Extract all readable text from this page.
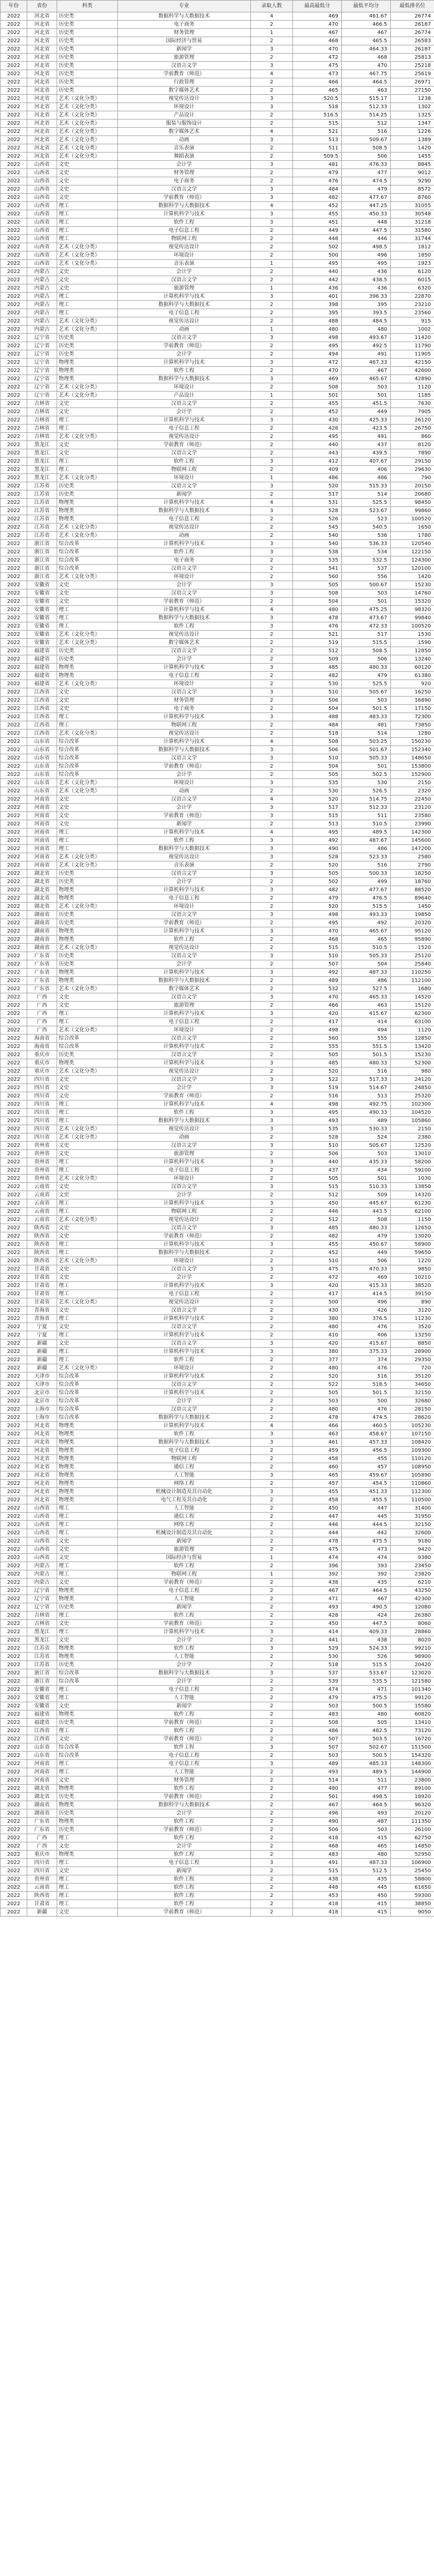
年份	省份	科类	专业	录取人数	最高最低分	最低平均分	最低排名位
2022	河北省	历史类	数据科学与大数据技术	4	469	461.67	26774
2022	河北省	历史类	电子商务	2	470	466.5	26187
2022	河北省	历史类	财务管理	1	467	467	26774
2022	河北省	历史类	国际经济与贸易	2	468	465.5	26583
2022	河北省	历史类	新闻学	3	470	464.33	26187
2022	河北省	历史类	旅游管理	2	472	468	25813
2022	河北省	历史类	汉语言文学	3	475	470	25218
2022	河北省	历史类	学前教育（师范）	4	473	467.75	25619
2022	河北省	历史类	行政管理	2	466	464.5	26971
2022	河北省	历史类	数字媒体艺术	2	465	463	27150
2022	河北省	艺术（文化分类）	视觉传达设计	3	520.5	515.17	1238
2022	河北省	艺术（文化分类）	环境设计	3	518	512.33	1302
2022	河北省	艺术（文化分类）	产品设计	2	516.5	514.25	1325
2022	河北省	艺术（文化分类）	服装与服饰设计	2	515	512	1347
2022	河北省	艺术（文化分类）	数字媒体艺术	4	521	516	1226
2022	河北省	艺术（文化分类）	动画	3	513	509.67	1389
2022	河北省	艺术（文化分类）	音乐表演	2	511	508.5	1420
2022	河北省	艺术（文化分类）	舞蹈表演	2	509.5	506	1455
2022	山西省	文史	会计学	3	481	476.33	8845
2022	山西省	文史	财务管理	2	479	477	9012
2022	山西省	文史	电子商务	2	476	474.5	9290
2022	山西省	文史	汉语言文学	3	484	479	8572
2022	山西省	文史	学前教育（师范）	3	482	477.67	8760
2022	山西省	理工	数据科学与大数据技术	4	452	447.25	31055
2022	山西省	理工	计算机科学与技术	3	455	450.33	30548
2022	山西省	理工	软件工程	3	451	448	31218
2022	山西省	理工	电子信息工程	2	449	447.5	31580
2022	山西省	理工	物联网工程	2	448	446	31744
2022	山西省	艺术（文化分类）	视觉传达设计	2	502	498.5	1812
2022	山西省	艺术（文化分类）	环境设计	2	500	496	1850
2022	山西省	艺术（文化分类）	音乐表演	1	495	495	1923
2022	内蒙古	文史	会计学	2	440	436	6120
2022	内蒙古	文史	汉语言文学	2	442	438.5	6015
2022	内蒙古	文史	旅游管理	1	436	436	6320
2022	内蒙古	理工	计算机科学与技术	3	401	396.33	22870
2022	内蒙古	理工	数据科学与大数据技术	2	398	395	23210
2022	内蒙古	理工	电子信息工程	2	395	393.5	23560
2022	内蒙古	艺术（文化分类）	视觉传达设计	2	488	484.5	915
2022	内蒙古	艺术（文化分类）	动画	1	480	480	1002
2022	辽宁省	历史类	汉语言文学	3	498	493.67	11420
2022	辽宁省	历史类	学前教育（师范）	2	495	492.5	11790
2022	辽宁省	历史类	会计学	2	494	491	11905
2022	辽宁省	物理类	计算机科学与技术	3	472	467.33	42150
2022	辽宁省	物理类	软件工程	2	470	467	42600
2022	辽宁省	物理类	数据科学与大数据技术	3	469	465.67	42890
2022	辽宁省	艺术（文化分类）	环境设计	2	508	503	1120
2022	辽宁省	艺术（文化分类）	产品设计	1	501	501	1185
2022	吉林省	文史	汉语言文学	2	455	451.5	7630
2022	吉林省	文史	会计学	2	452	449	7905
2022	吉林省	理工	计算机科学与技术	3	430	425.33	26120
2022	吉林省	理工	电子信息工程	2	426	423.5	26750
2022	吉林省	艺术（文化分类）	视觉传达设计	2	495	491	860
2022	黑龙江	文史	学前教育（师范）	2	440	437	8120
2022	黑龙江	文史	汉语言文学	2	443	439.5	7890
2022	黑龙江	理工	软件工程	3	412	407.67	29150
2022	黑龙江	理工	物联网工程	2	409	406	29630
2022	黑龙江	艺术（文化分类）	环境设计	1	486	486	790
2022	江苏省	历史类	汉语言文学	3	520	515.33	20150
2022	江苏省	历史类	新闻学	2	517	514	20680
2022	江苏省	物理类	计算机科学与技术	4	531	525.5	98450
2022	江苏省	物理类	数据科学与大数据技术	3	528	523.67	99860
2022	江苏省	物理类	电子信息工程	2	526	523	100520
2022	江苏省	艺术（文化分类）	视觉传达设计	2	545	540.5	1650
2022	江苏省	艺术（文化分类）	动画	2	540	536	1780
2022	浙江省	综合改革	计算机科学与技术	3	540	536.33	120540
2022	浙江省	综合改革	软件工程	3	538	534	122150
2022	浙江省	综合改革	电子商务	2	535	532.5	124300
2022	浙江省	综合改革	汉语言文学	2	541	537	120100
2022	浙江省	艺术（文化分类）	环境设计	2	560	556	1420
2022	安徽省	文史	会计学	3	505	500.67	15230
2022	安徽省	文史	汉语言文学	3	508	503	14760
2022	安徽省	文史	学前教育（师范）	2	504	501	15320
2022	安徽省	理工	计算机科学与技术	4	480	475.25	98320
2022	安徽省	理工	数据科学与大数据技术	3	478	473.67	99840
2022	安徽省	理工	软件工程	3	476	472.33	100520
2022	安徽省	艺术（文化分类）	视觉传达设计	2	521	517	1530
2022	安徽省	艺术（文化分类）	数字媒体艺术	2	519	515.5	1590
2022	福建省	历史类	汉语言文学	2	512	508.5	12850
2022	福建省	历史类	会计学	2	509	506	13240
2022	福建省	物理类	计算机科学与技术	3	485	480.33	60120
2022	福建省	物理类	电子信息工程	2	482	479	61380
2022	福建省	艺术（文化分类）	环境设计	2	530	525.5	920
2022	江西省	文史	汉语言文学	3	510	505.67	16250
2022	江西省	文史	财务管理	2	506	503	16890
2022	江西省	文史	电子商务	2	504	501.5	17150
2022	江西省	理工	计算机科学与技术	3	488	483.33	72300
2022	江西省	理工	物联网工程	2	484	481	73850
2022	江西省	艺术（文化分类）	视觉传达设计	2	518	514	1280
2022	山东省	综合改革	计算机科学与技术	4	508	503.25	150230
2022	山东省	综合改革	数据科学与大数据技术	3	506	501.67	152340
2022	山东省	综合改革	汉语言文学	3	510	505.33	148650
2022	山东省	综合改革	学前教育（师范）	2	504	501	153800
2022	山东省	综合改革	会计学	2	505	502.5	152900
2022	山东省	艺术（文化分类）	环境设计	3	535	530	2150
2022	山东省	艺术（文化分类）	动画	2	530	526.5	2320
2022	河南省	文史	汉语言文学	4	520	514.75	22450
2022	河南省	文史	会计学	3	517	512.33	23120
2022	河南省	文史	学前教育（师范）	3	515	511	23580
2022	河南省	文史	新闻学	2	513	510.5	23990
2022	河南省	理工	计算机科学与技术	4	495	489.5	142300
2022	河南省	理工	软件工程	3	492	487.67	145600
2022	河南省	理工	数据科学与大数据技术	3	490	486	147200
2022	河南省	艺术（文化分类）	视觉传达设计	3	528	523.33	2580
2022	河南省	艺术（文化分类）	音乐表演	2	520	516	2790
2022	湖北省	历史类	汉语言文学	3	505	500.33	18250
2022	湖北省	历史类	会计学	2	502	499	18760
2022	湖北省	物理类	计算机科学与技术	3	482	477.67	88520
2022	湖北省	物理类	电子信息工程	2	479	476.5	89640
2022	湖北省	艺术（文化分类）	环境设计	2	520	515.5	1450
2022	湖南省	历史类	汉语言文学	3	498	493.33	19850
2022	湖南省	历史类	学前教育（师范）	2	495	492	20320
2022	湖南省	物理类	计算机科学与技术	3	470	465.67	95120
2022	湖南省	物理类	软件工程	2	468	465	95890
2022	湖南省	艺术（文化分类）	视觉传达设计	2	515	510.5	1520
2022	广东省	历史类	汉语言文学	3	510	505.33	25120
2022	广东省	历史类	会计学	2	507	504	25840
2022	广东省	物理类	计算机科学与技术	3	492	487.33	110250
2022	广东省	物理类	数据科学与大数据技术	2	489	486	112100
2022	广东省	艺术（文化分类）	数字媒体艺术	2	532	527.5	1680
2022	广西	文史	汉语言文学	3	470	465.33	14520
2022	广西	文史	旅游管理	2	466	463	15120
2022	广西	理工	计算机科学与技术	3	420	415.67	62300
2022	广西	理工	电子信息工程	2	417	414	63100
2022	广西	艺术（文化分类）	环境设计	2	498	494	1120
2022	海南省	综合改革	汉语言文学	2	560	555	12850
2022	海南省	综合改革	计算机科学与技术	2	555	551.5	13420
2022	重庆市	历史类	汉语言文学	2	505	501.5	15230
2022	重庆市	物理类	计算机科学与技术	3	485	480.33	52300
2022	重庆市	艺术（文化分类）	视觉传达设计	2	520	516	980
2022	四川省	文史	汉语言文学	3	522	517.33	24120
2022	四川省	文史	会计学	3	519	514.67	24850
2022	四川省	文史	学前教育（师范）	2	516	513	25320
2022	四川省	理工	计算机科学与技术	4	498	492.75	102300
2022	四川省	理工	软件工程	3	495	490.33	104520
2022	四川省	理工	数据科学与大数据技术	3	493	489	105860
2022	四川省	艺术（文化分类）	视觉传达设计	3	535	530.33	2150
2022	四川省	艺术（文化分类）	动画	2	528	524	2380
2022	贵州省	文史	汉语言文学	3	510	505.67	12520
2022	贵州省	文史	旅游管理	2	506	503	13010
2022	贵州省	理工	计算机科学与技术	3	440	435.33	58200
2022	贵州省	理工	电子信息工程	2	437	434	59100
2022	贵州省	艺术（文化分类）	环境设计	2	505	501	1030
2022	云南省	文史	汉语言文学	3	515	510.33	13850
2022	云南省	文史	会计学	2	512	509	14320
2022	云南省	理工	计算机科学与技术	3	450	445.67	61230
2022	云南省	理工	物联网工程	2	446	443.5	62100
2022	云南省	艺术（文化分类）	视觉传达设计	2	512	508	1150
2022	陕西省	文史	汉语言文学	3	485	480.33	12650
2022	陕西省	文史	学前教育（师范）	2	482	479	13020
2022	陕西省	理工	计算机科学与技术	3	455	450.67	58900
2022	陕西省	理工	数据科学与大数据技术	2	452	449	59650
2022	陕西省	艺术（文化分类）	环境设计	2	510	506	1220
2022	甘肃省	文史	汉语言文学	3	475	470.33	9850
2022	甘肃省	文史	会计学	2	472	469	10210
2022	甘肃省	理工	计算机科学与技术	3	420	415.33	38520
2022	甘肃省	理工	电子信息工程	2	417	414.5	39150
2022	甘肃省	艺术（文化分类）	视觉传达设计	2	500	496	890
2022	青海省	文史	汉语言文学	2	430	426	3120
2022	青海省	理工	计算机科学与技术	2	380	376.5	11230
2022	宁夏	文史	汉语言文学	2	480	476	3520
2022	宁夏	理工	计算机科学与技术	2	410	406	13250
2022	新疆	文史	汉语言文学	3	420	415.67	8850
2022	新疆	理工	计算机科学与技术	3	380	375.33	28900
2022	新疆	理工	软件工程	2	377	374	29350
2022	新疆	艺术（文化分类）	环境设计	2	480	476	720
2022	天津市	综合改革	计算机科学与技术	2	520	516	35120
2022	天津市	综合改革	汉语言文学	2	522	518.5	34650
2022	北京市	综合改革	计算机科学与技术	2	505	501.5	32150
2022	北京市	综合改革	会计学	2	503	500	32680
2022	上海市	综合改革	汉语言文学	2	480	476	28150
2022	上海市	综合改革	数据科学与大数据技术	2	478	474.5	28620
2022	河北省	物理类	计算机科学与技术	4	466	460.5	105230
2022	河北省	物理类	软件工程	3	463	458.67	107150
2022	河北省	物理类	数据科学与大数据技术	3	461	457.33	108420
2022	河北省	物理类	电子信息工程	2	459	456.5	109300
2022	河北省	物理类	物联网工程	2	458	455	110120
2022	河北省	物理类	通信工程	2	460	457	108950
2022	河北省	物理类	人工智能	3	465	459.67	105890
2022	河北省	物理类	网络工程	2	457	454.5	110860
2022	河北省	物理类	机械设计制造及其自动化	3	455	451.33	112300
2022	河北省	物理类	电气工程及其自动化	2	458	455.5	110500
2022	山西省	理工	人工智能	2	450	447	31400
2022	山西省	理工	通信工程	2	447	445	31950
2022	山西省	理工	网络工程	2	446	444.5	32150
2022	山西省	理工	机械设计制造及其自动化	2	444	442	32600
2022	山西省	文史	新闻学	2	478	475.5	9180
2022	山西省	文史	旅游管理	2	475	473	9420
2022	山西省	文史	国际经济与贸易	1	474	474	9380
2022	内蒙古	理工	软件工程	2	396	393	23450
2022	内蒙古	理工	物联网工程	1	392	392	23820
2022	内蒙古	文史	学前教育（师范）	2	438	435	6210
2022	辽宁省	物理类	电子信息工程	2	467	464.5	43250
2022	辽宁省	物理类	人工智能	2	471	467	42300
2022	辽宁省	历史类	新闻学	2	493	490.5	12080
2022	吉林省	理工	软件工程	2	428	424	26380
2022	吉林省	文史	学前教育（师范）	2	450	447.5	8060
2022	黑龙江	理工	计算机科学与技术	3	414	409.33	28860
2022	黑龙江	文史	会计学	2	441	438	8020
2022	江苏省	物理类	软件工程	3	529	524.33	99210
2022	江苏省	物理类	人工智能	2	530	526	98900
2022	江苏省	历史类	会计学	2	518	515.5	20420
2022	浙江省	综合改革	数据科学与大数据技术	3	537	533.67	123020
2022	浙江省	综合改革	会计学	2	539	535.5	121580
2022	安徽省	理工	电子信息工程	2	474	471	101340
2022	安徽省	理工	人工智能	2	479	475.5	99120
2022	安徽省	文史	新闻学	2	503	500.5	15580
2022	福建省	物理类	软件工程	2	483	480	60820
2022	福建省	历史类	学前教育（师范）	2	508	505	13410
2022	江西省	理工	软件工程	2	486	482.5	73120
2022	江西省	文史	学前教育（师范）	2	507	503.5	16720
2022	山东省	综合改革	软件工程	3	507	502.67	151500
2022	山东省	综合改革	电子信息工程	2	503	500.5	154320
2022	河南省	理工	电子信息工程	3	489	485.33	148300
2022	河南省	理工	人工智能	2	493	489.5	144900
2022	河南省	文史	财务管理	2	514	511	23800
2022	湖北省	物理类	软件工程	2	480	477	89100
2022	湖北省	历史类	学前教育（师范）	2	501	498.5	18920
2022	湖南省	物理类	数据科学与大数据技术	2	467	464.5	96320
2022	湖南省	历史类	会计学	2	496	493	20120
2022	广东省	物理类	软件工程	2	490	487	111350
2022	广东省	历史类	学前教育（师范）	2	506	503	26100
2022	广西	理工	软件工程	2	418	415	62750
2022	广西	文史	会计学	2	468	465	14850
2022	重庆市	物理类	软件工程	2	483	480	52950
2022	四川省	理工	电子信息工程	3	491	487.33	106900
2022	四川省	文史	新闻学	2	515	512.5	25450
2022	贵州省	理工	软件工程	2	438	435	58800
2022	云南省	理工	软件工程	2	448	445	61650
2022	陕西省	理工	软件工程	2	453	450	59300
2022	甘肃省	理工	软件工程	2	418	415	38850
2022	新疆	文史	学前教育（师范）	2	418	415	9050
